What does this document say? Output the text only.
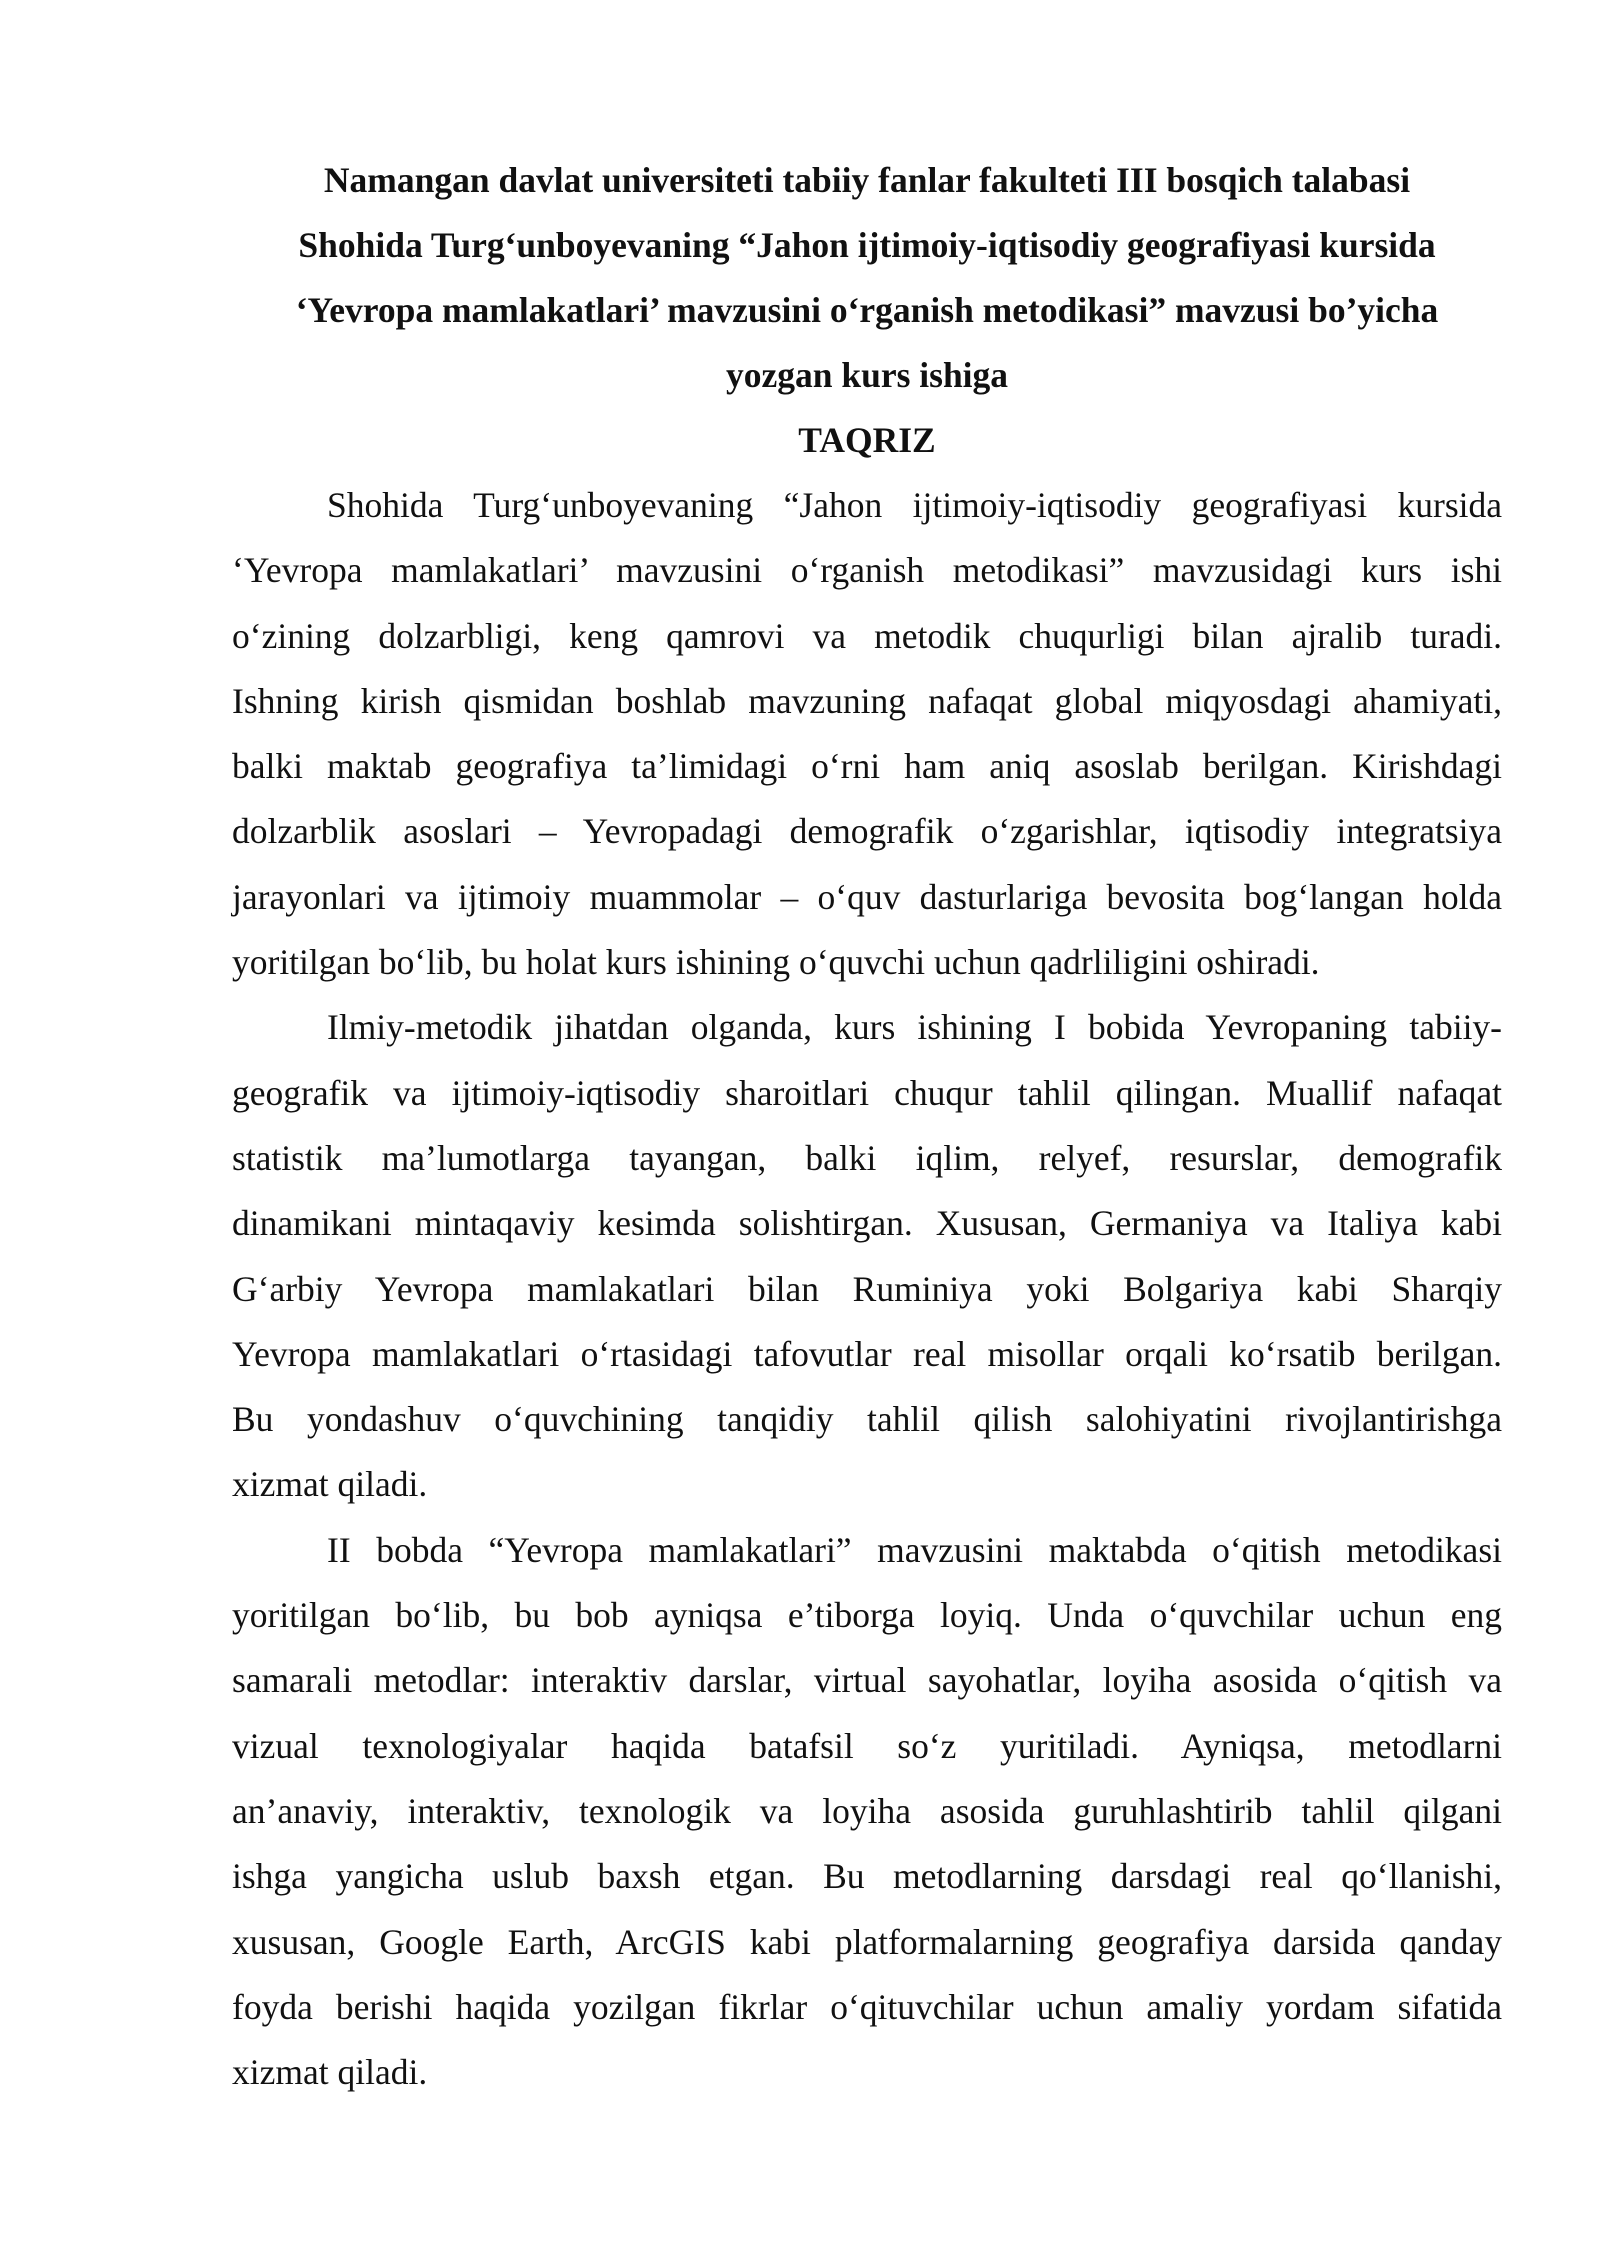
Namangan davlat universiteti tabiiy fanlar fakulteti III bosqich talabasi
Shohida Turg‘unboyevaning “Jahon ijtimoiy-iqtisodiy geografiyasi kursida
‘Yevropa mamlakatlari’ mavzusini o‘rganish metodikasi” mavzusi bo’yicha
yozgan kurs ishiga
TAQRIZ
Shohida Turg‘unboyevaning “Jahon ijtimoiy-iqtisodiy geografiyasi kursida
‘Yevropa mamlakatlari’ mavzusini o‘rganish metodikasi” mavzusidagi kurs ishi
o‘zining dolzarbligi, keng qamrovi va metodik chuqurligi bilan ajralib turadi.
Ishning kirish qismidan boshlab mavzuning nafaqat global miqyosdagi ahamiyati,
balki maktab geografiya ta’limidagi o‘rni ham aniq asoslab berilgan. Kirishdagi
dolzarblik asoslari – Yevropadagi demografik o‘zgarishlar, iqtisodiy integratsiya
jarayonlari va ijtimoiy muammolar – o‘quv dasturlariga bevosita bog‘langan holda
yoritilgan bo‘lib, bu holat kurs ishining o‘quvchi uchun qadrliligini oshiradi.
Ilmiy-metodik jihatdan olganda, kurs ishining I bobida Yevropaning tabiiy-
geografik va ijtimoiy-iqtisodiy sharoitlari chuqur tahlil qilingan. Muallif nafaqat
statistik ma’lumotlarga tayangan, balki iqlim, relyef, resurslar, demografik
dinamikani mintaqaviy kesimda solishtirgan. Xususan, Germaniya va Italiya kabi
G‘arbiy Yevropa mamlakatlari bilan Ruminiya yoki Bolgariya kabi Sharqiy
Yevropa mamlakatlari o‘rtasidagi tafovutlar real misollar orqali ko‘rsatib berilgan.
Bu yondashuv o‘quvchining tanqidiy tahlil qilish salohiyatini rivojlantirishga
xizmat qiladi.
II bobda “Yevropa mamlakatlari” mavzusini maktabda o‘qitish metodikasi
yoritilgan bo‘lib, bu bob ayniqsa e’tiborga loyiq. Unda o‘quvchilar uchun eng
samarali metodlar: interaktiv darslar, virtual sayohatlar, loyiha asosida o‘qitish va
vizual texnologiyalar haqida batafsil so‘z yuritiladi. Ayniqsa, metodlarni
an’anaviy, interaktiv, texnologik va loyiha asosida guruhlashtirib tahlil qilgani
ishga yangicha uslub baxsh etgan. Bu metodlarning darsdagi real qo‘llanishi,
xususan, Google Earth, ArcGIS kabi platformalarning geografiya darsida qanday
foyda berishi haqida yozilgan fikrlar o‘qituvchilar uchun amaliy yordam sifatida
xizmat qiladi.
